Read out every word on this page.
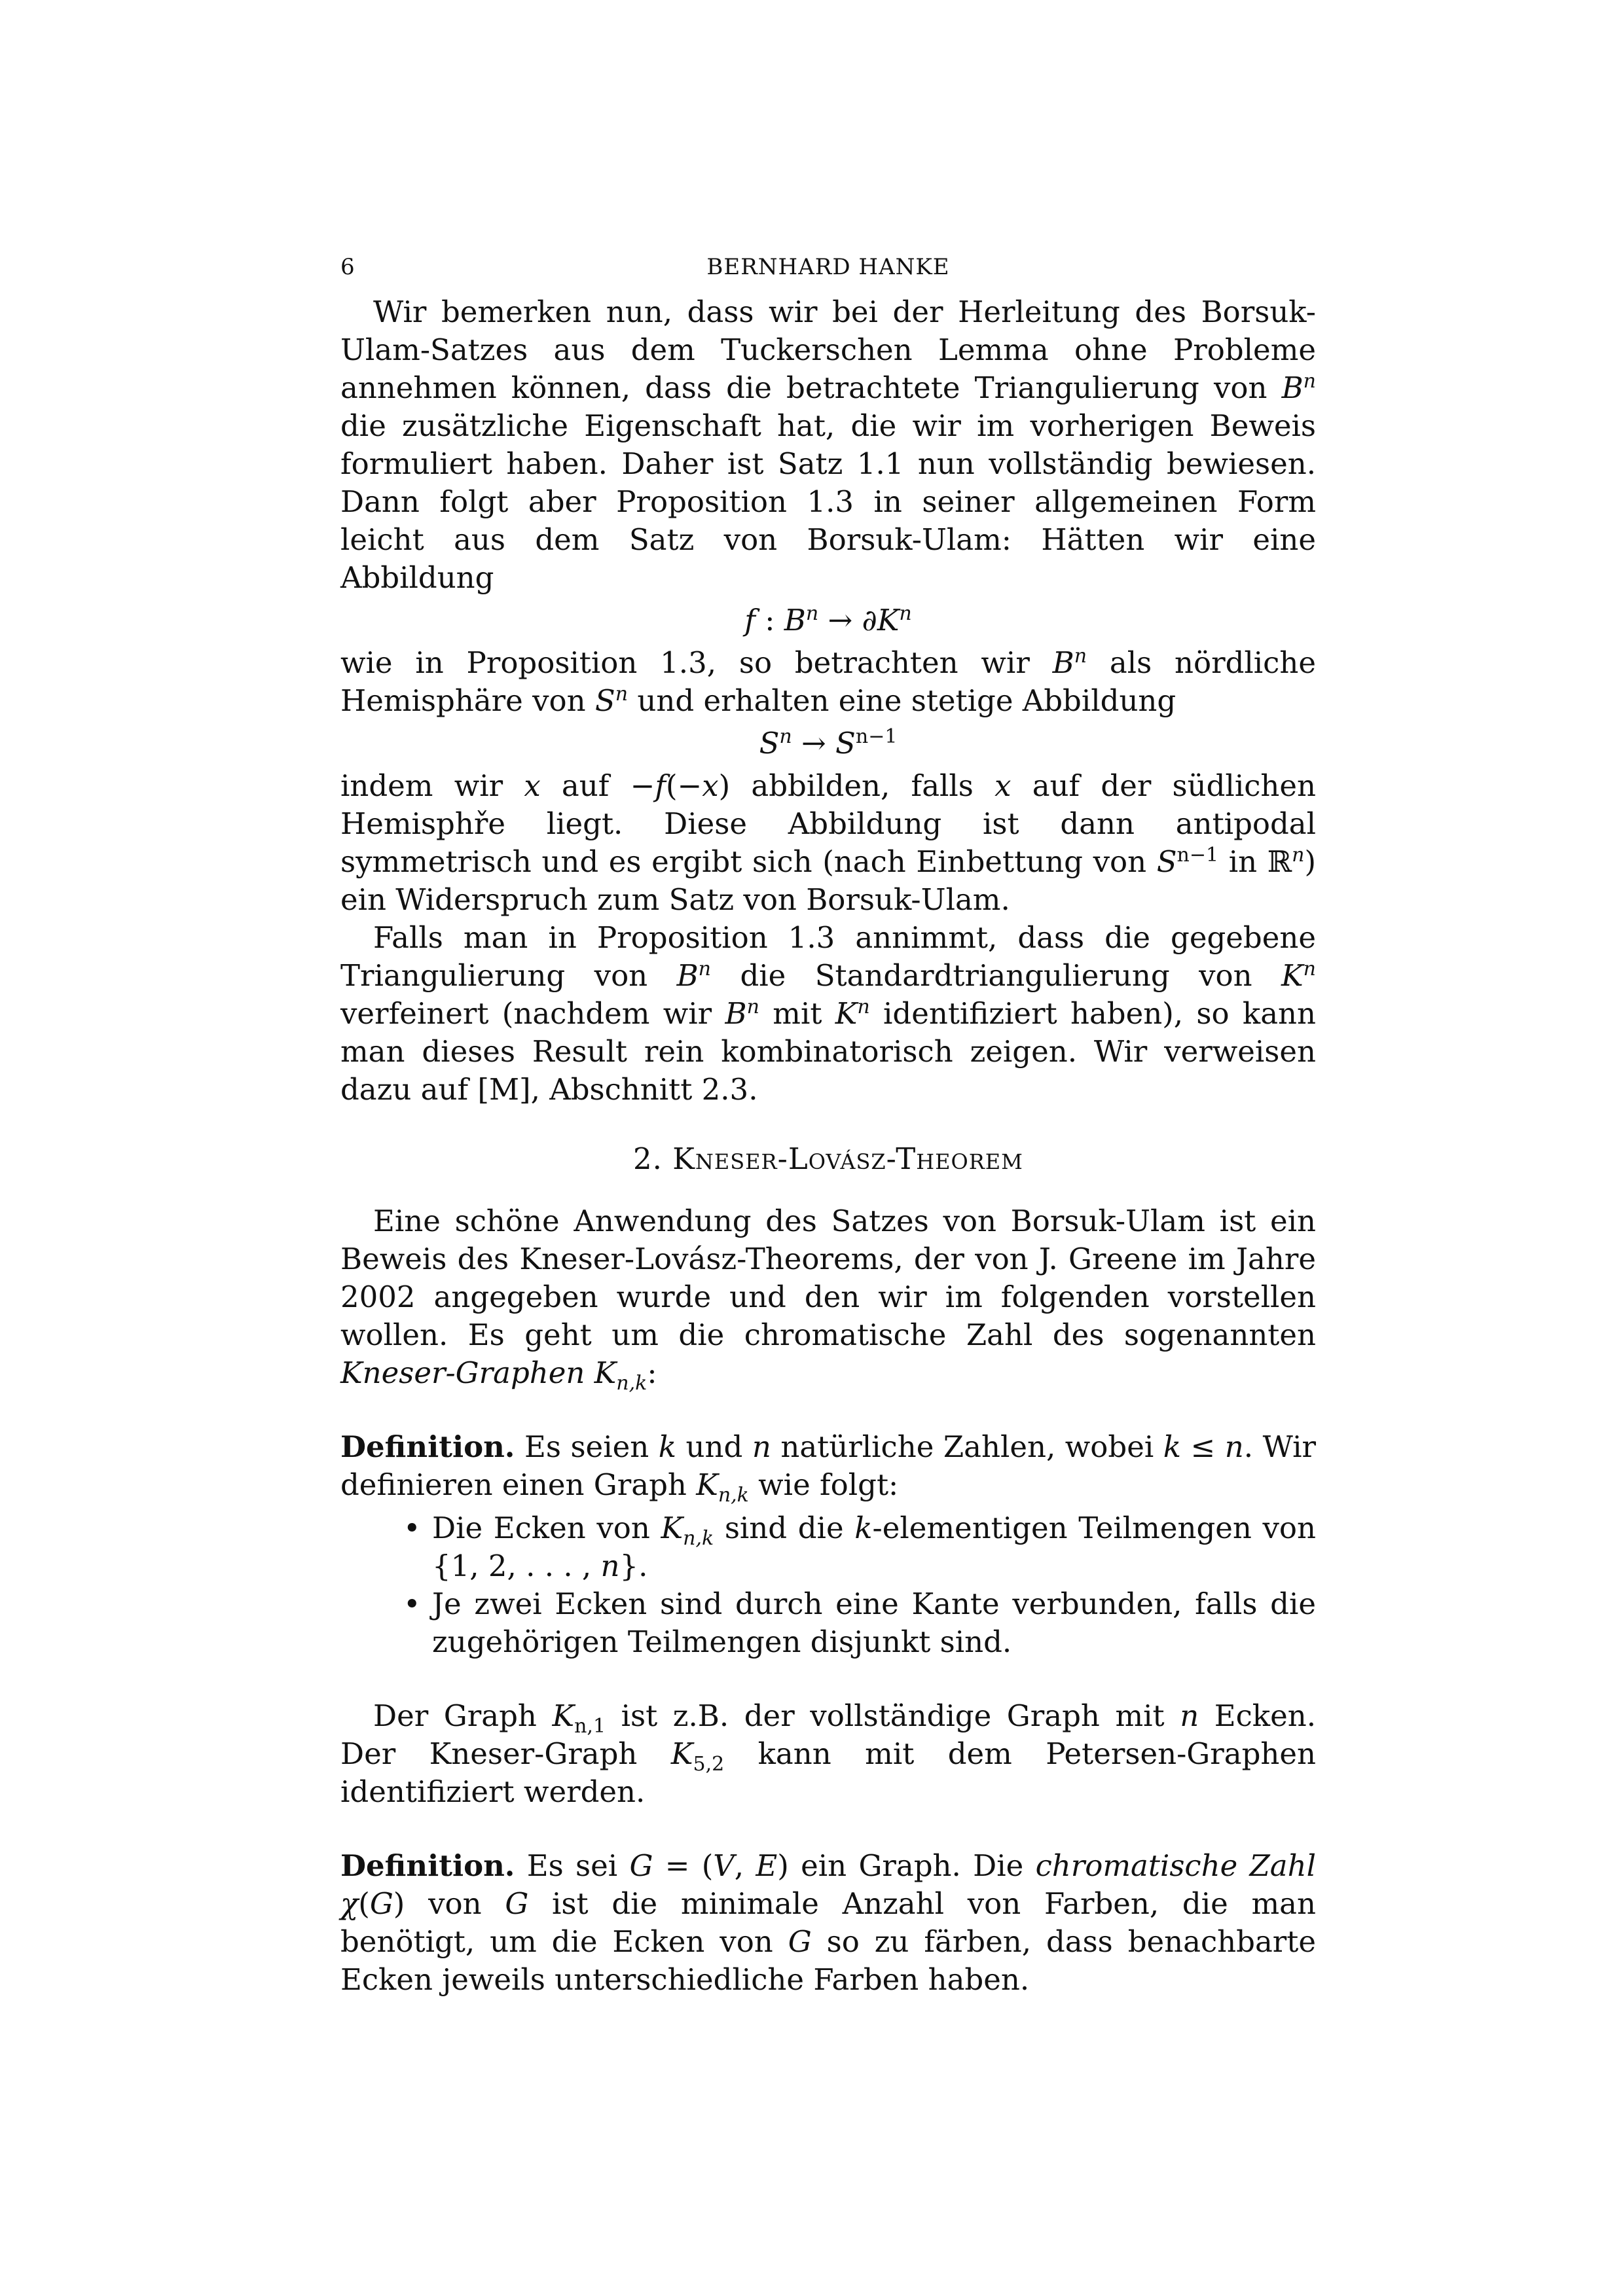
6	BERNHARD HANKE

Wir bemerken nun, dass wir bei der Herleitung des Borsuk-Ulam-Satzes aus dem Tuckerschen Lemma ohne Probleme annehmen können, dass die betrachtete Triangulierung von $B^n$ die zusätzliche Eigenschaft hat, die wir im vorherigen Beweis formuliert haben. Daher ist Satz 1.1 nun vollständig bewiesen. Dann folgt aber Proposition 1.3 in seiner allgemeinen Form leicht aus dem Satz von Borsuk-Ulam: Hätten wir eine Abbildung

f : $B^n \to \partial K^n$

wie in Proposition 1.3, so betrachten wir $B^n$ als nördliche Hemisphäre von $S^n$ und erhalten eine stetige Abbildung

$S^n \to S^{n-1}$

indem wir x auf −f(−x) abbilden, falls x auf der südlichen Hemisphře liegt. Diese Abbildung ist dann antipodal symmetrisch und es ergibt sich (nach Einbettung von $S^{n-1}$ in ℝ$^n$) ein Widerspruch zum Satz von Borsuk-Ulam.

Falls man in Proposition 1.3 annimmt, dass die gegebene Triangulierung von $B^n$ die Standardtriangulierung von $K^n$ verfeinert (nachdem wir $B^n$ mit $K^n$ identifiziert haben), so kann man dieses Result rein kombinatorisch zeigen. Wir verweisen dazu auf [M], Abschnitt 2.3.

2. Kneser-Lovász-Theorem

Eine schöne Anwendung des Satzes von Borsuk-Ulam ist ein Beweis des Kneser-Lovász-Theorems, der von J. Greene im Jahre 2002 angegeben wurde und den wir im folgenden vorstellen wollen. Es geht um die chromatische Zahl des sogenannten Kneser-Graphen $K_{n,k}$:

Definition. Es seien k und n natürliche Zahlen, wobei k ≤ n. Wir definieren einen Graph $K_{n,k}$ wie folgt:

• Die Ecken von $K_{n,k}$ sind die k-elementigen Teilmengen von {1, 2, . . . , n}.
• Je zwei Ecken sind durch eine Kante verbunden, falls die zugehörigen Teilmengen disjunkt sind.

Der Graph $K_{n,1}$ ist z.B. der vollständige Graph mit n Ecken. Der Kneser-Graph $K_{5,2}$ kann mit dem Petersen-Graphen identifiziert werden.

Definition. Es sei G = (V, E) ein Graph. Die chromatische Zahl χ(G) von G ist die minimale Anzahl von Farben, die man benötigt, um die Ecken von G so zu färben, dass benachbarte Ecken jeweils unterschiedliche Farben haben.
